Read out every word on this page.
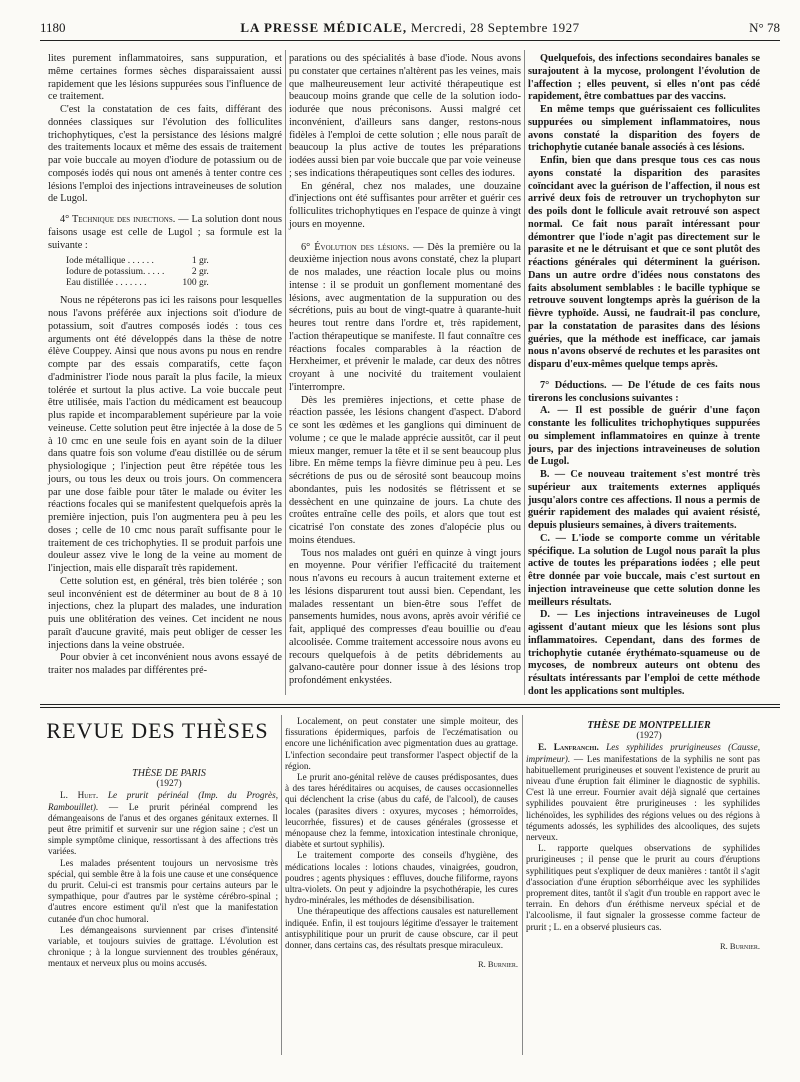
1180	LA PRESSE MÉDICALE, Mercredi, 28 Septembre 1927	N° 78

lites purement inflammatoires, sans suppuration, et même certaines formes sèches disparaissaient aussi rapidement que les lésions suppurées sous l'influence de ce traitement.

C'est la constatation de ces faits, différant des données classiques sur l'évolution des folliculites trichophytiques, c'est la persistance des lésions malgré des traitements locaux et même des essais de traitement par voie buccale au moyen d'iodure de potassium ou de composés iodés qui nous ont amenés à tenter contre ces lésions l'emploi des injections intraveineuses de solution de Lugol.

4° Technique des injections. — La solution dont nous faisons usage est celle de Lugol ; sa formule est la suivante :

Iode métallique . . . . . .	1 gr.
Iodure de potassium. . . . .	2 gr.
Eau distillée . . . . . . .	100 gr.

Nous ne répéterons pas ici les raisons pour lesquelles nous l'avons préférée aux injections soit d'iodure de potassium, soit d'autres composés iodés : tous ces arguments ont été développés dans la thèse de notre élève Couppey. Ainsi que nous avons pu nous en rendre compte par des essais comparatifs, cette façon d'administrer l'iode nous paraît la plus facile, la mieux tolérée et surtout la plus active. La voie buccale peut être utilisée, mais l'action du médicament est beaucoup plus rapide et incomparablement supérieure par la voie veineuse. Cette solution peut être injectée à la dose de 5 à 10 cmc en une seule fois en ayant soin de la diluer dans quatre fois son volume d'eau distillée ou de sérum physiologique ; l'injection peut être répétée tous les jours, ou tous les deux ou trois jours. On commencera par une dose faible pour tâter le malade ou éviter les réactions focales qui se manifestent quelquefois après la première injection, puis l'on augmentera peu à peu les doses ; celle de 10 cmc nous paraît suffisante pour le traitement de ces trichophyties. Il se produit parfois une douleur assez vive le long de la veine au moment de l'injection, mais elle disparaît très rapidement.

Cette solution est, en général, très bien tolérée ; son seul inconvénient est de déterminer au bout de 8 à 10 injections, chez la plupart des malades, une induration puis une oblitération des veines. Cet incident ne nous paraît d'aucune gravité, mais peut obliger de cesser les injections dans la veine obstruée.

Pour obvier à cet inconvénient nous avons essayé de traiter nos malades par différentes pré-

parations ou des spécialités à base d'iode. Nous avons pu constater que certaines n'altèrent pas les veines, mais que malheureusement leur activité thérapeutique est beaucoup moins grande que celle de la solution iodo-iodurée que nous préconisons. Aussi malgré cet inconvénient, d'ailleurs sans danger, restons-nous fidèles à l'emploi de cette solution ; elle nous paraît de beaucoup la plus active de toutes les préparations iodées aussi bien par voie buccale que par voie veineuse ; ses indications thérapeutiques sont celles des iodures.

En général, chez nos malades, une douzaine d'injections ont été suffisantes pour arrêter et guérir ces folliculites trichophytiques en l'espace de quinze à vingt jours en moyenne.

6° Évolution des lésions. — Dès la première ou la deuxième injection nous avons constaté, chez la plupart de nos malades, une réaction locale plus ou moins intense : il se produit un gonflement momentané des lésions, avec augmentation de la suppuration ou des sécrétions, puis au bout de vingt-quatre à quarante-huit heures tout rentre dans l'ordre et, très rapidement, l'action thérapeutique se manifeste. Il faut connaître ces réactions focales comparables à la réaction de Herxheimer, et prévenir le malade, car deux des nôtres croyant à une nocivité du traitement voulaient l'interrompre.

Dès les premières injections, et cette phase de réaction passée, les lésions changent d'aspect. D'abord ce sont les œdèmes et les ganglions qui diminuent de volume ; ce que le malade apprécie aussitôt, car il peut mieux manger, remuer la tête et il se sent beaucoup plus libre. En même temps la fièvre diminue peu à peu. Les sécrétions de pus ou de sérosité sont beaucoup moins abondantes, puis les nodosités se flétrissent et se dessèchent en une quinzaine de jours. La chute des croûtes entraîne celle des poils, et alors que tout est cicatrisé l'on constate des zones d'alopécie plus ou moins étendues.

Tous nos malades ont guéri en quinze à vingt jours en moyenne. Pour vérifier l'efficacité du traitement nous n'avons eu recours à aucun traitement externe et les lésions disparurent tout aussi bien. Cependant, les malades ressentant un bien-être sous l'effet de pansements humides, nous avons, après avoir vérifié ce fait, appliqué des compresses d'eau bouillie ou d'eau alcoolisée. Comme traitement accessoire nous avons eu recours quelquefois à de petits débridements au galvano-cautère pour donner issue à des lésions trop profondément enkystées.

Quelquefois, des infections secondaires banales se surajoutent à la mycose, prolongent l'évolution de l'affection ; elles peuvent, si elles n'ont pas cédé rapidement, être combattues par des vaccins.

En même temps que guérissaient ces folliculites suppurées ou simplement inflammatoires, nous avons constaté la disparition des foyers de trichophytie cutanée banale associés à ces lésions.

Enfin, bien que dans presque tous ces cas nous ayons constaté la disparition des parasites coïncidant avec la guérison de l'affection, il nous est arrivé deux fois de retrouver un trychophyton sur des poils dont le follicule avait retrouvé son aspect normal. Ce fait nous paraît intéressant pour démontrer que l'iode n'agit pas directement sur le parasite et ne le détruisant et que ce sont plutôt des réactions générales qui déterminent la guérison. Dans un autre ordre d'idées nous constatons des faits absolument semblables : le bacille typhique se retrouve souvent longtemps après la guérison de la fièvre typhoïde. Aussi, ne faudrait-il pas conclure, par la constatation de parasites dans des lésions guéries, que la méthode est inefficace, car jamais nous n'avons observé de rechutes et les parasites ont disparu d'eux-mêmes quelque temps après.

7° Déductions. — De l'étude de ces faits nous tirerons les conclusions suivantes :

A. — Il est possible de guérir d'une façon constante les folliculites trichophytiques suppurées ou simplement inflammatoires en quinze à trente jours, par des injections intraveineuses de solution de Lugol.

B. — Ce nouveau traitement s'est montré très supérieur aux traitements externes appliqués jusqu'alors contre ces affections. Il nous a permis de guérir rapidement des malades qui avaient résisté, depuis plusieurs semaines, à divers traitements.

C. — L'iode se comporte comme un véritable spécifique. La solution de Lugol nous paraît la plus active de toutes les préparations iodées ; elle peut être donnée par voie buccale, mais c'est surtout en injection intraveineuse que cette solution donne les meilleurs résultats.

D. — Les injections intraveineuses de Lugol agissent d'autant mieux que les lésions sont plus inflammatoires. Cependant, dans des formes de trichophytie cutanée érythémato-squameuse ou de mycoses, de nombreux auteurs ont obtenu des résultats intéressants par l'emploi de cette méthode dont les applications sont multiples.

REVUE DES THÈSES

THÈSE DE PARIS

(1927)

L. Huet. Le prurit périnéal (Imp. du Progrès, Rambouillet). — Le prurit périnéal comprend les démangeaisons de l'anus et des organes génitaux externes. Il peut être primitif et survenir sur une région saine ; c'est un simple symptôme clinique, ressortissant à des affections très variées.

Les malades présentent toujours un nervosisme très spécial, qui semble être à la fois une cause et une conséquence du prurit. Celui-ci est transmis pour certains auteurs par le sympathique, pour d'autres par le système cérébro-spinal ; d'autres encore estiment qu'il n'est que la manifestation cutanée d'un choc humoral.

Les démangeaisons surviennent par crises d'intensité variable, et toujours suivies de grattage. L'évolution est chronique ; à la longue surviennent des troubles généraux, mentaux et nerveux plus ou moins accusés.

Localement, on peut constater une simple moiteur, des fissurations épidermiques, parfois de l'eczématisation ou encore une lichénification avec pigmentation dues au grattage. L'infection secondaire peut transformer l'aspect objectif de la région.

Le prurit ano-génital relève de causes prédisposantes, dues à des tares héréditaires ou acquises, de causes occasionnelles qui déclenchent la crise (abus du café, de l'alcool), de causes locales (parasites divers : oxyures, mycoses ; hémorroïdes, leucorrhée, fissures) et de causes générales (grossesse et ménopause chez la femme, intoxication intestinale chronique, diabète et surtout syphilis).

Le traitement comporte des conseils d'hygiène, des médications locales : lotions chaudes, vinaigrées, goudron, poudres ; agents physiques : effluves, douche filiforme, rayons ultra-violets. On peut y adjoindre la psychothérapie, les cures hydro-minérales, les méthodes de désensibilisation.

Une thérapeutique des affections causales est naturellement indiquée. Enfin, il est toujours légitime d'essayer le traitement antisyphilitique pour un prurit de cause obscure, car il peut donner, dans certains cas, des résultats presque miraculeux.

R. Burnier.

THÈSE DE MONTPELLIER

(1927)

E. Lanfranchi. Les syphilides prurigineuses (Causse, imprimeur). — Les manifestations de la syphilis ne sont pas habituellement prurigineuses et souvent l'existence de prurit au niveau d'une éruption fait éliminer le diagnostic de syphilis. C'est là une erreur. Fournier avait déjà signalé que certaines syphilides pouvaient être prurigineuses : les syphilides lichénoïdes, les syphilides des régions velues ou des régions à téguments adossés, les syphilides des alcooliques, des sujets nerveux.

L. rapporte quelques observations de syphilides prurigineuses ; il pense que le prurit au cours d'éruptions syphilitiques peut s'expliquer de deux manières : tantôt il s'agit d'association d'une éruption séborrhéique avec les syphilides proprement dites, tantôt il s'agit d'un trouble en rapport avec le terrain. En dehors d'un éréthisme nerveux spécial et de l'alcoolisme, il faut signaler la grossesse comme facteur de prurit ; L. en a observé plusieurs cas.

R. Burnier.
